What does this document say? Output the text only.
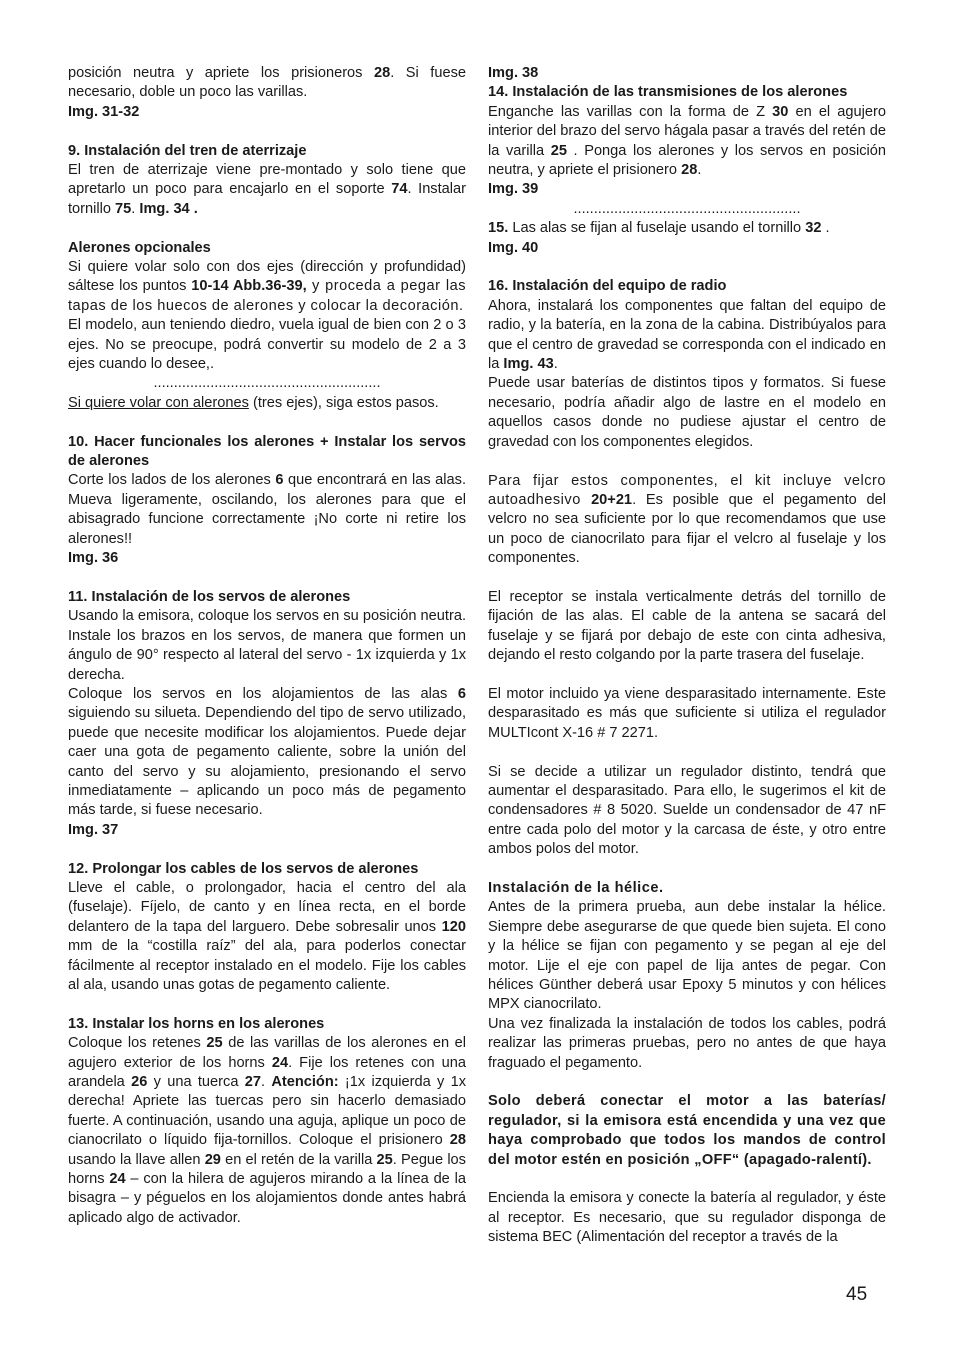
posición neutra y apriete los prisioneros 28. Si fuese necesario, doble un poco las varillas.

Img. 31-32

9. Instalación del tren de aterrizaje

El tren de aterrizaje viene pre-montado y solo tiene que apretarlo un poco para encajarlo en el soporte 74. Instalar tornillo 75. Img. 34 .

Alerones opcionales

Si quiere volar solo con dos ejes (dirección y profundidad) sáltese los puntos 10-14 Abb.36-39, y proceda a pegar las tapas de los huecos de alerones y colocar la decoración.

El modelo, aun teniendo diedro, vuela igual de bien con 2 o 3 ejes. No se preocupe, podrá convertir su modelo de 2 a 3 ejes cuando lo desee,.

........................................................

Si quiere volar con alerones (tres ejes), siga estos pasos.

10. Hacer funcionales los alerones + Instalar los servos de alerones

Corte los lados de los alerones 6 que encontrará en las alas. Mueva ligeramente, oscilando, los alerones para que el abisagrado funcione correctamente ¡No corte ni retire los alerones!!

Img. 36

11. Instalación de los servos de alerones

Usando la emisora, coloque los servos en su posición neutra. Instale los brazos en los servos, de manera que formen un ángulo de 90° respecto al lateral del servo - 1x izquierda y 1x derecha.

Coloque los servos en los alojamientos de las alas 6 siguiendo su silueta. Dependiendo del tipo de servo utilizado, puede que necesite modificar los alojamientos. Puede dejar caer una gota de pegamento caliente, sobre la unión del canto del servo y su alojamiento, presionando el servo inmediatamente – aplicando un poco más de pegamento más tarde, si fuese necesario.

Img. 37

12. Prolongar los cables de los servos de alerones

Lleve el cable, o prolongador, hacia el centro del ala (fuselaje). Fíjelo, de canto y en línea recta, en el borde delantero de la tapa del larguero. Debe sobresalir unos 120 mm de la “costilla raíz” del ala, para poderlos conectar fácilmente al receptor instalado en el modelo. Fije los cables al ala, usando unas gotas de pegamento caliente.

13. Instalar los horns en los alerones

Coloque los retenes 25 de las varillas de los alerones en el agujero exterior de los horns 24. Fije los retenes con una arandela 26 y una tuerca 27. Atención: ¡1x izquierda y 1x derecha! Apriete las tuercas pero sin hacerlo demasiado fuerte. A continuación, usando una aguja, aplique un poco de cianocrilato o líquido fija-tornillos. Coloque el prisionero 28 usando la llave allen 29 en el retén de la varilla 25. Pegue los horns 24 – con la hilera de agujeros mirando a la línea de la bisagra – y péguelos en los alojamientos donde antes habrá aplicado algo de activador.

Img. 38

14. Instalación de las transmisiones de los alerones

Enganche las varillas con la forma de Z 30 en el agujero interior del brazo del servo hágala pasar a través del retén de la varilla 25 . Ponga los alerones y los servos en posición neutra, y apriete el prisionero 28.

Img. 39

........................................................

15. Las alas se fijan al fuselaje usando el tornillo 32 .

Img. 40

16. Instalación del equipo de radio

Ahora, instalará los componentes que faltan del equipo de radio, y la batería, en la zona de la cabina. Distribúyalos para que el centro de gravedad se corresponda con el indicado en la Img. 43.

Puede usar baterías de distintos tipos y formatos. Si fuese necesario, podría añadir algo de lastre en el modelo en aquellos casos donde no pudiese ajustar el centro de gravedad con los componentes elegidos.

Para fijar estos componentes, el kit incluye velcro autoadhesivo 20+21. Es posible que el pegamento del velcro no sea suficiente por lo que recomendamos que use un poco de cianocrilato para fijar el velcro al fuselaje y los componentes.

El receptor se instala verticalmente detrás del tornillo de fijación de las alas. El cable de la antena se sacará del fuselaje y se fijará por debajo de este con cinta adhesiva, dejando el resto colgando por la parte trasera del fuselaje.

El motor incluido ya viene desparasitado internamente. Este desparasitado es más que suficiente si utiliza el regulador MULTIcont X-16 # 7 2271.

Si se decide a utilizar un regulador distinto, tendrá que aumentar el desparasitado. Para ello, le sugerimos el kit de condensadores # 8 5020. Suelde un condensador de 47 nF entre cada polo del motor y la carcasa de éste, y otro entre ambos polos del motor.

Instalación de la hélice.

Antes de la primera prueba, aun debe instalar la hélice. Siempre debe asegurarse de que quede bien sujeta. El cono y la hélice se fijan con pegamento y se pegan al eje del motor. Lije el eje con papel de lija antes de pegar. Con hélices Günther deberá usar Epoxy 5 minutos y con hélices MPX cianocrilato.

Una vez finalizada la instalación de todos los cables, podrá realizar las primeras pruebas, pero no antes de que haya fraguado el pegamento.

Solo deberá conectar el motor a las baterías/ regulador, si la emisora está encendida y una vez que haya comprobado que todos los mandos de control del motor estén en posición „OFF“ (apagado-ralentí).

Encienda la emisora y conecte la batería al regulador, y éste al receptor. Es necesario, que su regulador disponga de sistema BEC (Alimentación del receptor a través de la

45
